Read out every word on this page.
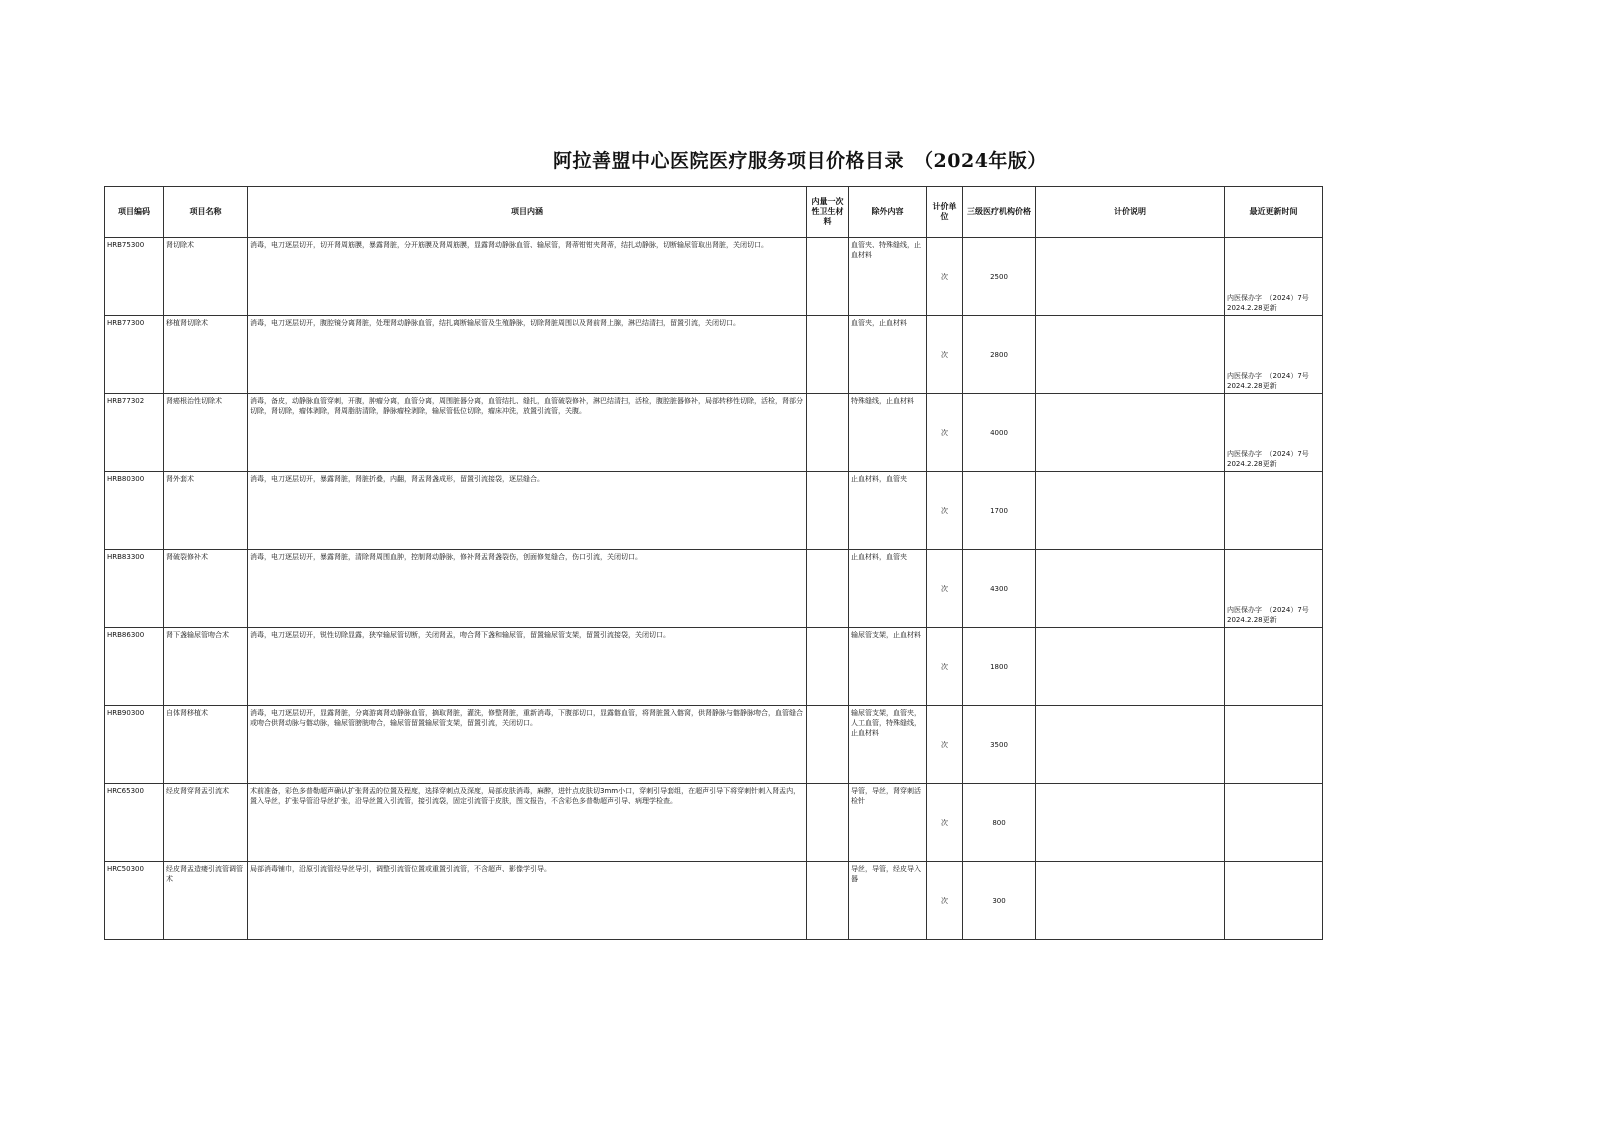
阿拉善盟中心医院医疗服务项目价格目录　（2024年版）
项目编码	项目名称	项目内涵	内量一次性卫生材料	除外内容	计价单位	三级医疗机构价格	计价说明	最近更新时间
HRB75300	肾切除术	消毒，电刀逐层切开，切开肾周筋膜，暴露肾脏，分开筋膜及肾周筋膜，显露肾动静脉血管、输尿管，肾蒂钳钳夹肾蒂，结扎动静脉，切断输尿管取出肾脏，关闭切口。		血管夹、特殊缝线，止血材料	次	2500		内医保办字　（2024）7号　2024.2.28更新
HRB77300	移植肾切除术	消毒，电刀逐层切开，腹腔镜分离肾脏，处理肾动静脉血管，结扎离断输尿管及生殖静脉，切除肾脏周围以及肾前肾上腺，淋巴结清扫，留置引流，关闭切口。		血管夹，止血材料	次	2800		内医保办字　（2024）7号　2024.2.28更新
HRB77302	肾癌根治性切除术	消毒，备皮，动静脉血管穿刺，开腹，肿瘤分离，血管分离，周围脏器分离，血管结扎、缝扎，血管破裂修补，淋巴结清扫，活检，腹腔脏器修补，局部转移性切除，活检，肾部分切除，肾切除，瘤体剥除，肾周脂肪清除，静脉瘤栓剥除，输尿管低位切除，瘤床冲洗，放置引流管，关腹。		特殊缝线，止血材料	次	4000		内医保办字　（2024）7号　2024.2.28更新
HRB80300	肾外套术	消毒，电刀逐层切开，暴露肾脏，肾脏折叠，内翻，肾盂肾盏成形，留置引流接袋，逐层缝合。		止血材料，血管夹	次	1700		
HRB83300	肾破裂修补术	消毒，电刀逐层切开，暴露肾脏，清除肾周围血肿，控制肾动静脉，修补肾盂肾盏裂伤，创面修复缝合，伤口引流，关闭切口。		止血材料，血管夹	次	4300		内医保办字　（2024）7号　2024.2.28更新
HRB86300	肾下盏输尿管吻合术	消毒，电刀逐层切开，锐性切除显露，狭窄输尿管切断，关闭肾盂，吻合肾下盏和输尿管，留置输尿管支架，留置引流接袋，关闭切口。		输尿管支架，止血材料	次	1800		
HRB90300	自体肾移植术	消毒，电刀逐层切开，显露肾脏，分离游离肾动静脉血管，摘取肾脏，灌洗，修整肾脏，重新消毒，下腹部切口，显露髂血管，将肾脏置入髂窝，供肾静脉与髂静脉吻合，血管缝合或吻合供肾动脉与髂动脉，输尿管膀胱吻合，输尿管留置输尿管支架，留置引流，关闭切口。		输尿管支架，血管夹，人工血管，特殊缝线，止血材料	次	3500		
HRC65300	经皮肾穿肾盂引流术	术前准备，彩色多普勒超声确认扩张肾盂的位置及程度，选择穿刺点及深度，局部皮肤消毒，麻醉，进针点皮肤切3mm小口，穿刺引导套组，在超声引导下将穿刺针刺入肾盂内，置入导丝，扩张导管沿导丝扩张，沿导丝置入引流管，接引流袋，固定引流管于皮肤，图文报告，不含彩色多普勒超声引导、病理学检查。		导管，导丝，肾穿刺活检针	次	800		
HRC50300	经皮肾盂造瘘引流管调管术	局部消毒铺巾，沿原引流管经导丝导引，调整引流管位置或重置引流管，不含超声、影像学引导。		导丝，导管，经皮导入器	次	300		
